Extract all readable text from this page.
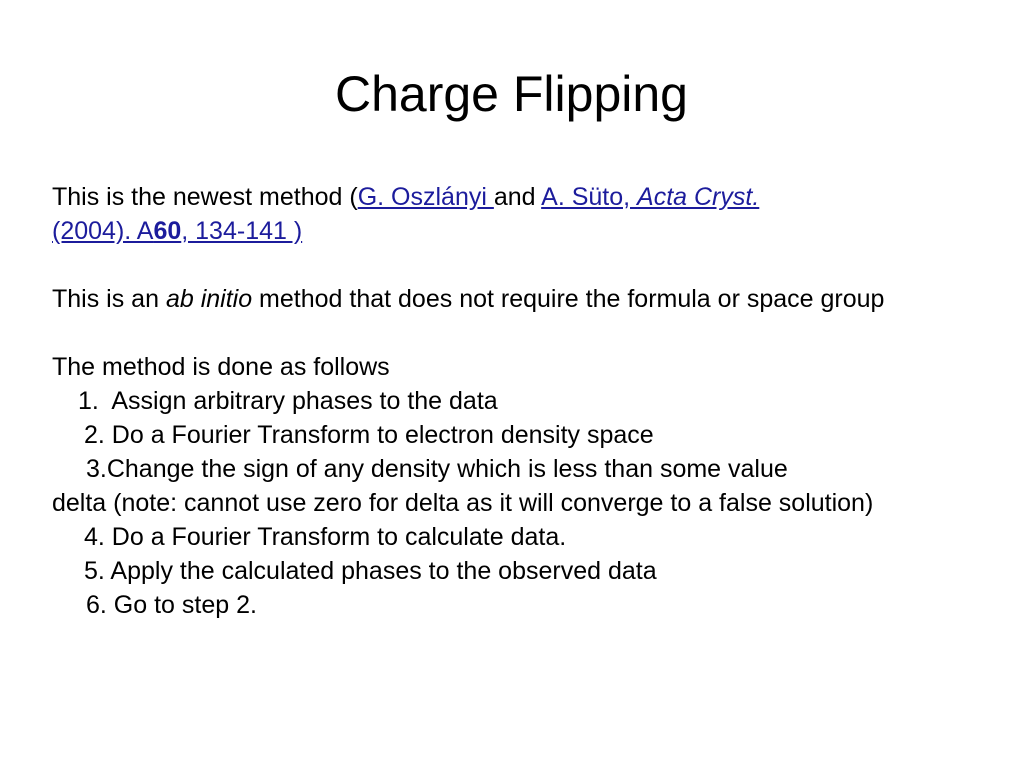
Charge Flipping

This is the newest method (G. Oszlányi and A. Süto, Acta Cryst.
(2004). A60, 134-141 )

This is an ab initio method that does not require the formula or space group

The method is done as follows

1.  Assign arbitrary phases to the data

2. Do a Fourier Transform to electron density space

3.Change the sign of any density which is less than some value

delta (note: cannot use zero for delta as it will converge to a false solution)

4. Do a Fourier Transform to calculate data.

5. Apply the calculated phases to the observed data

6. Go to step 2.
